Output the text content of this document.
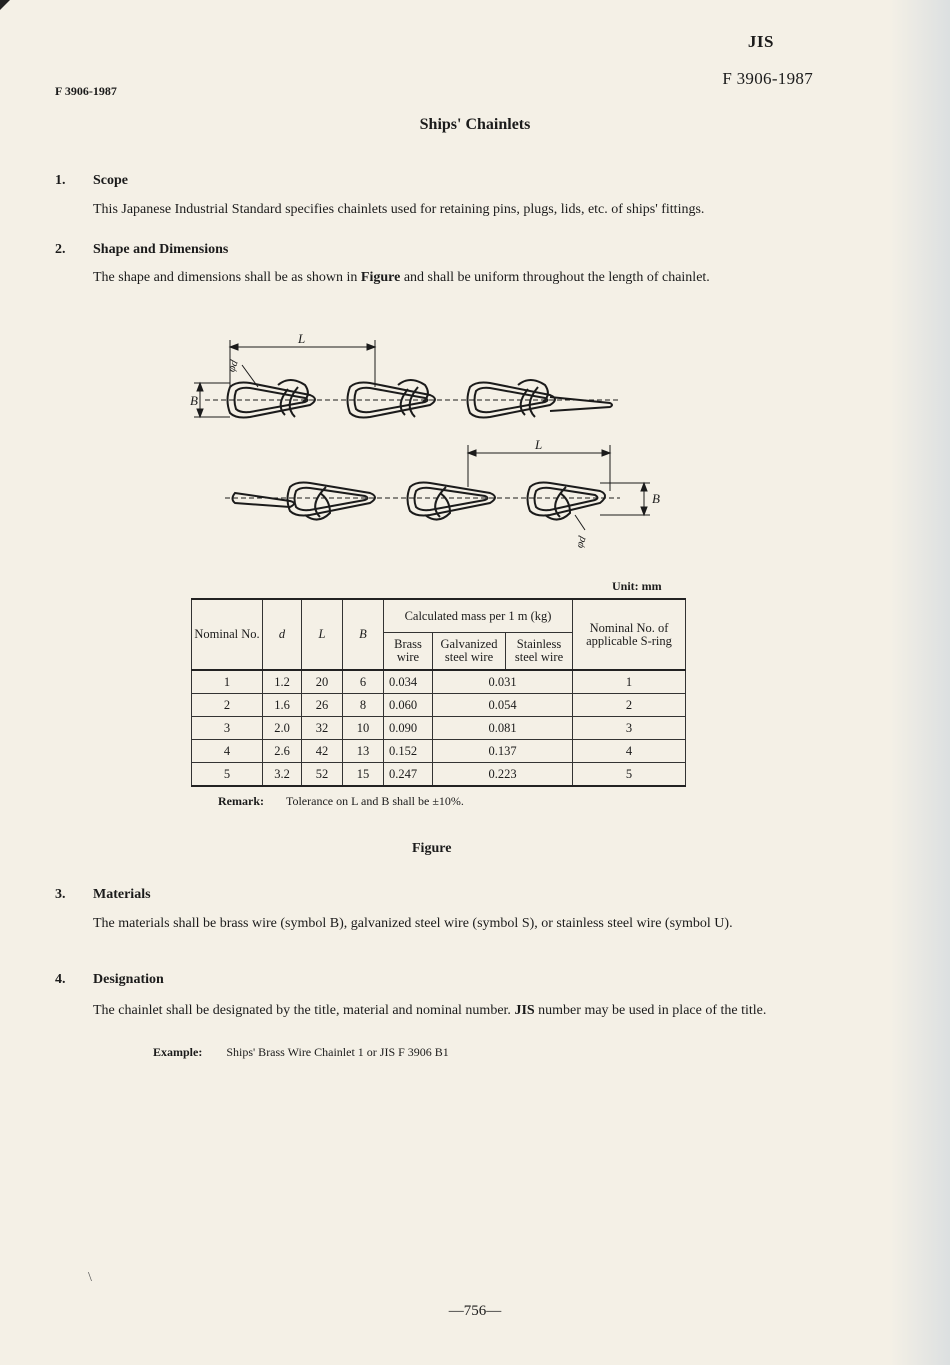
JIS
F 3906-1987
F 3906-1987
Ships' Chainlets
1. Scope
This Japanese Industrial Standard specifies chainlets used for retaining pins, plugs, lids, etc. of ships' fittings.
2. Shape and Dimensions
The shape and dimensions shall be as shown in Figure and shall be uniform throughout the length of chainlet.
L
L
B
B
φd
φd
Unit: mm
Nominal No.	d	L	B	Calculated mass per 1 m (kg)			Nominal No. of applicable S-ring
				Brass wire	Galvanized steel wire	Stainless steel wire	
1	1.2	20	6	0.034	0.031		1
2	1.6	26	8	0.060	0.054		2
3	2.0	32	10	0.090	0.081		3
4	2.6	42	13	0.152	0.137		4
5	3.2	52	15	0.247	0.223		5
Remark: Tolerance on L and B shall be ±10%.
Figure
3. Materials
The materials shall be brass wire (symbol B), galvanized steel wire (symbol S), or stainless steel wire (symbol U).
4. Designation
The chainlet shall be designated by the title, material and nominal number. JIS number may be used in place of the title.
Example: Ships' Brass Wire Chainlet 1 or JIS F 3906 B1
\
—756—
